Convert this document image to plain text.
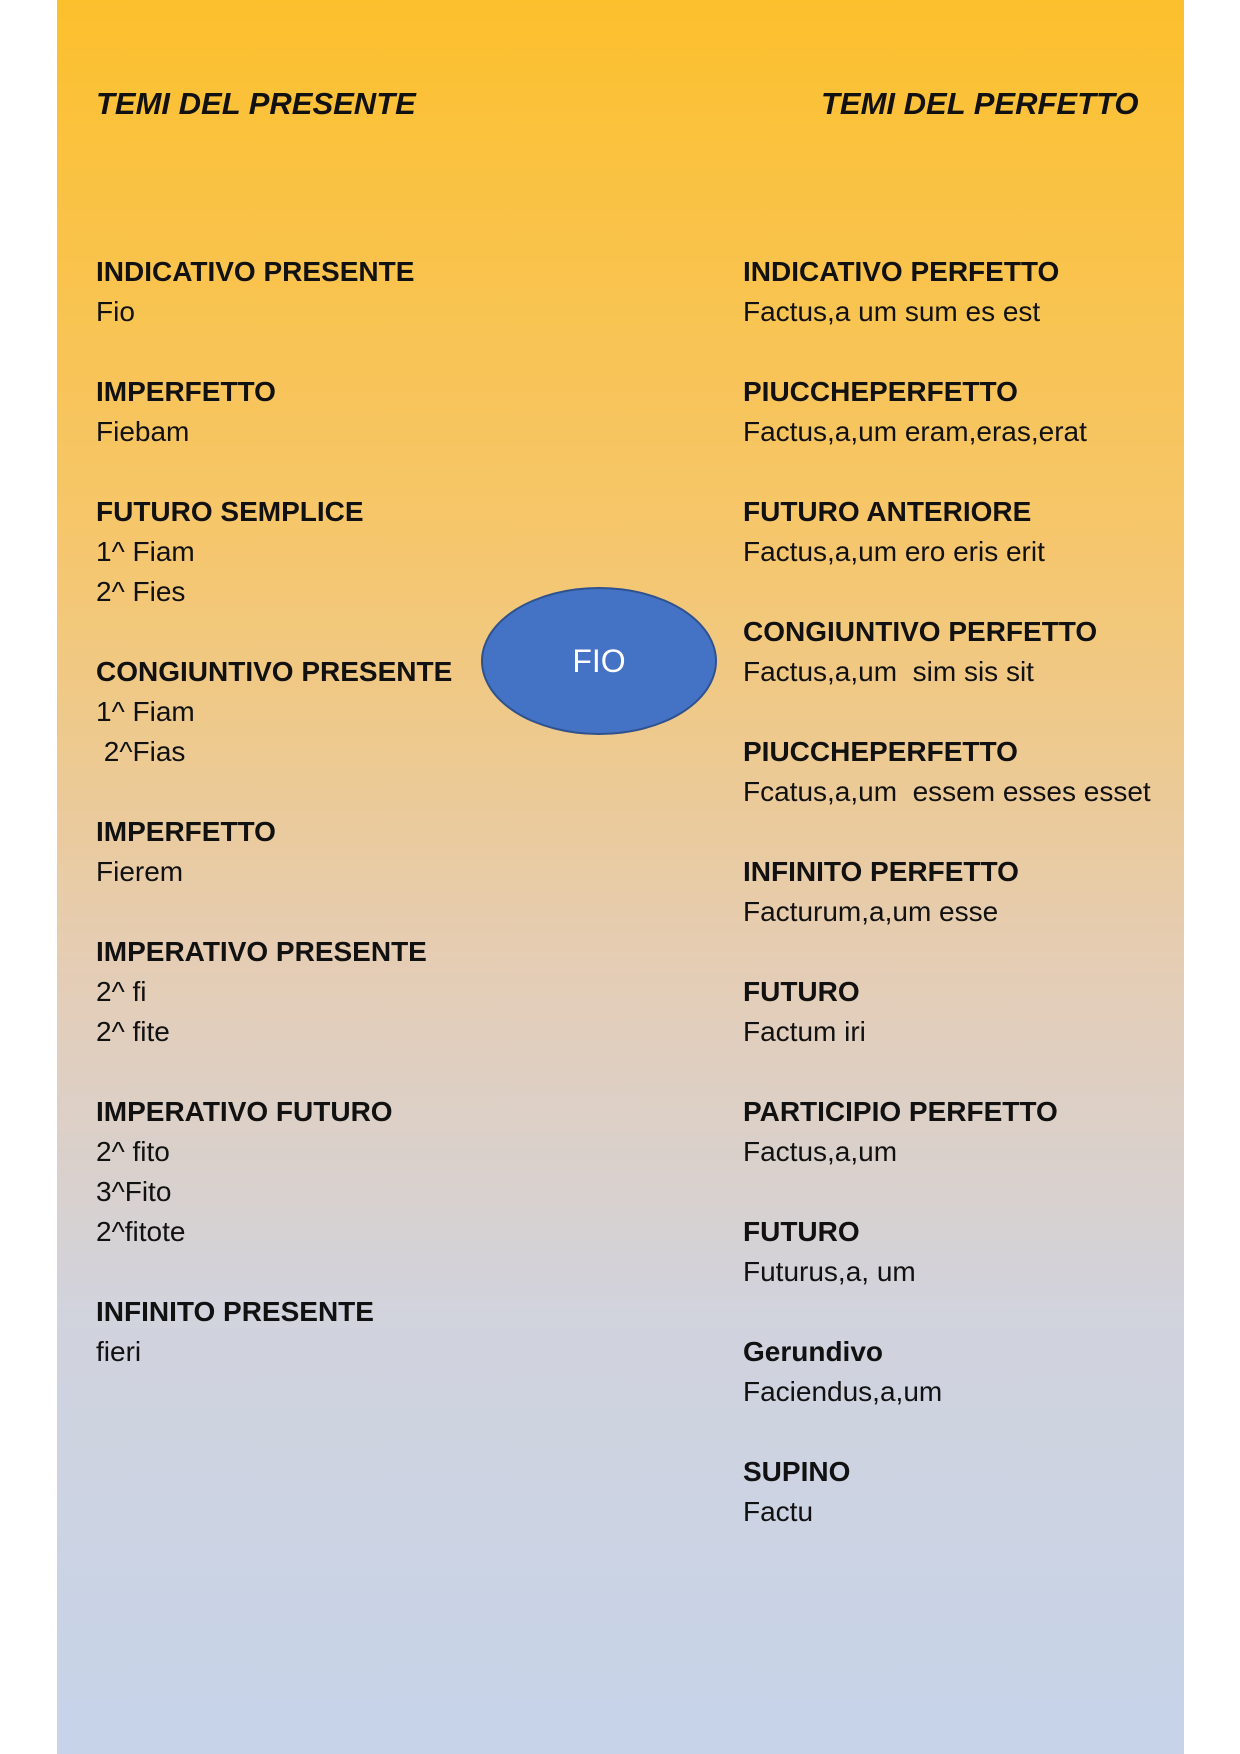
TEMI DEL PRESENTE	TEMI DEL PERFETTO
INDICATIVO PRESENTE
Fio
IMPERFETTO
Fiebam
FUTURO SEMPLICE
1^ Fiam
2^ Fies
CONGIUNTIVO PRESENTE
1^ Fiam
2^Fias
IMPERFETTO
Fierem
IMPERATIVO PRESENTE
2^ fi
2^ fite
IMPERATIVO FUTURO
2^ fito
3^Fito
2^fitote
INFINITO PRESENTE
fieri
INDICATIVO PERFETTO
Factus,a um sum es est
PIUCCHEPERFETTO
Factus,a,um eram,eras,erat
FUTURO ANTERIORE
Factus,a,um ero eris erit
CONGIUNTIVO PERFETTO
Factus,a,um  sim sis sit
PIUCCHEPERFETTO
Fcatus,a,um  essem esses esset
INFINITO PERFETTO
Facturum,a,um esse
FUTURO
Factum iri
PARTICIPIO PERFETTO
Factus,a,um
FUTURO
Futurus,a, um
Gerundivo
Faciendus,a,um
SUPINO
Factu
FIO
